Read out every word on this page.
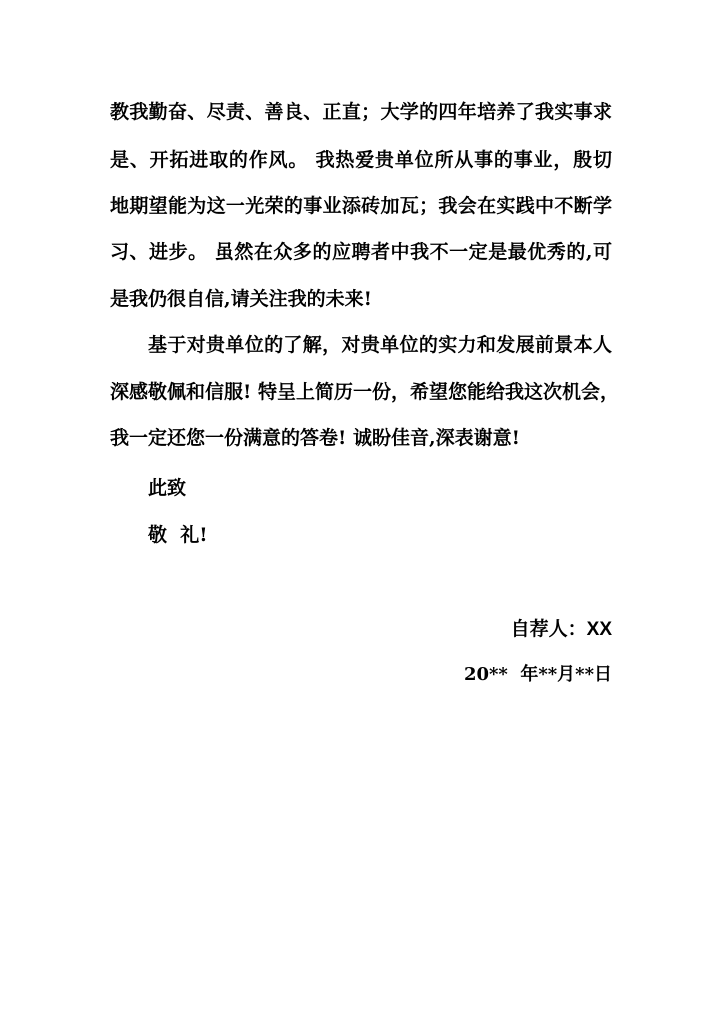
教我勤奋、尽责、善良、正直；大学的四年培养了我实事求
是、开拓进取的作风。 我热爱贵单位所从事的事业，殷切
地期望能为这一光荣的事业添砖加瓦；我会在实践中不断学
习、进步。 虽然在众多的应聘者中我不一定是最优秀的,可
是我仍很自信,请关注我的未来!
基于对贵单位的了解，对贵单位的实力和发展前景本人
深感敬佩和信服! 特呈上简历一份，希望您能给我这次机会，
我一定还您一份满意的答卷! 诚盼佳音,深表谢意!
此致
敬  礼!
自荐人：XX
20**  年**月**日
